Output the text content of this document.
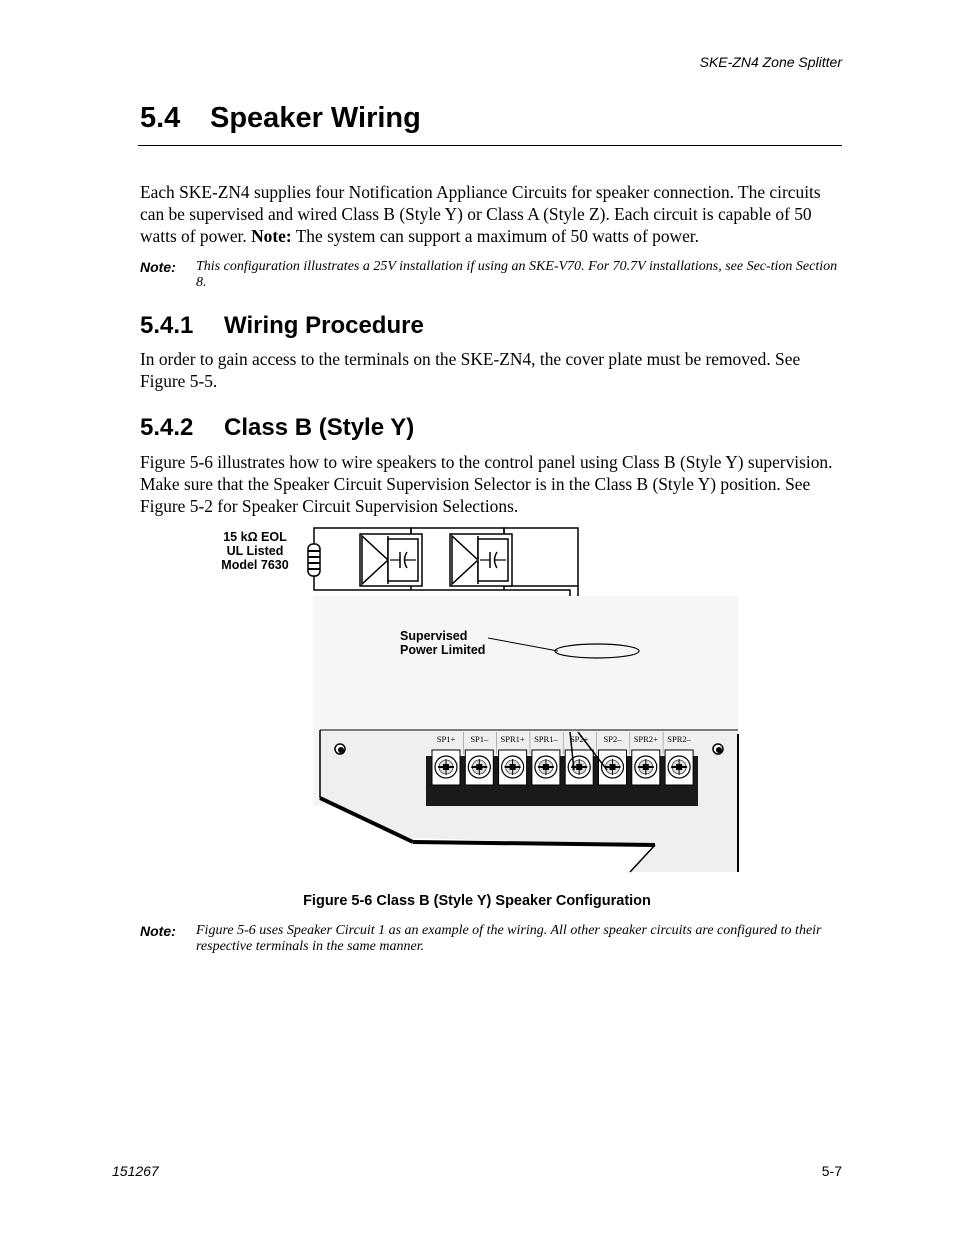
SKE-ZN4 Zone Splitter
5.4 Speaker Wiring
Each SKE-ZN4 supplies four Notification Appliance Circuits for speaker connection. The circuits can be supervised and wired Class B (Style Y) or Class A (Style Z). Each circuit is capable of 50 watts of power. Note: The system can support a maximum of 50 watts of power.
Note: This configuration illustrates a 25V installation if using an SKE-V70. For 70.7V installations, see Sec-tion Section 8.
5.4.1 Wiring Procedure
In order to gain access to the terminals on the SKE-ZN4, the cover plate must be removed. See Figure 5-5.
5.4.2 Class B (Style Y)
Figure 5-6 illustrates how to wire speakers to the control panel using Class B (Style Y) supervision. Make sure that the Speaker Circuit Supervision Selector is in the Class B (Style Y) position. See Figure 5-2 for Speaker Circuit Supervision Selections.
15 kΩ EOL
UL Listed
Model 7630
Supervised
Power Limited
SP1+ SP1– SPR1+ SPR1– SP2+ SP2– SPR2+ SPR2–
Figure 5-6 Class B (Style Y) Speaker Configuration
Note: Figure 5-6 uses Speaker Circuit 1 as an example of the wiring. All other speaker circuits are configured to their respective terminals in the same manner.
151267	5-7
